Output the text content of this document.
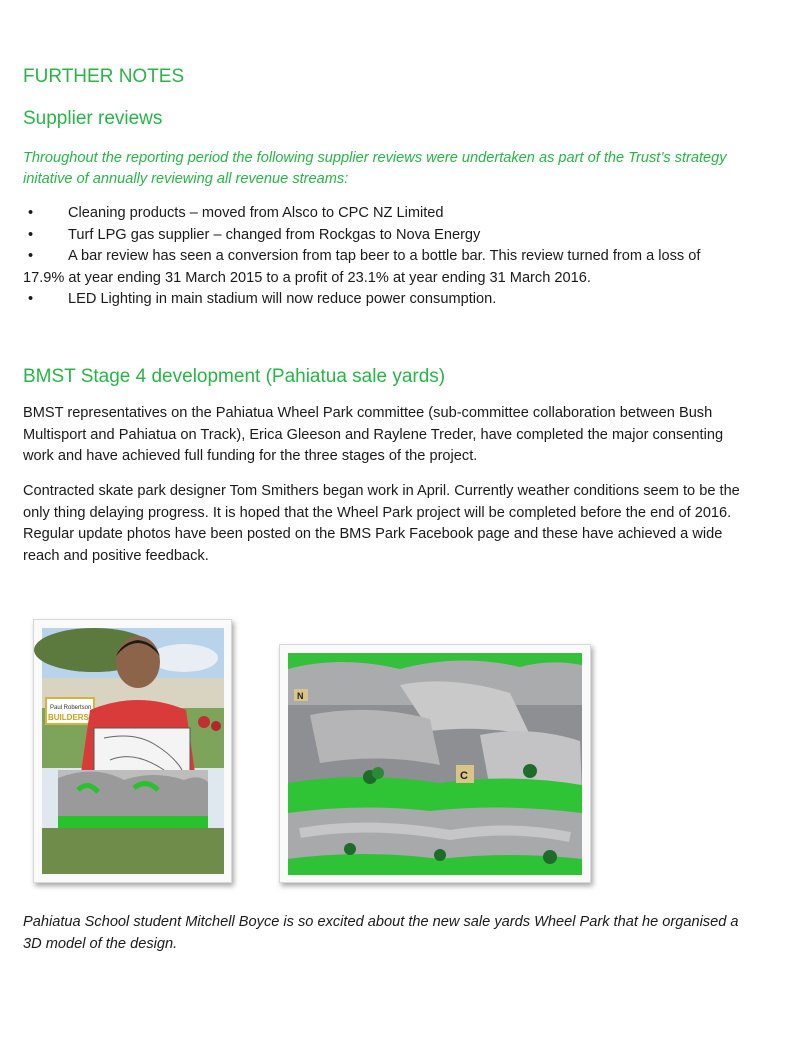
FURTHER NOTES
Supplier reviews
Throughout the reporting period the following supplier reviews were undertaken as part of the Trust’s strategy initative of annually reviewing all revenue streams:
• Cleaning products – moved from Alsco to CPC NZ Limited
• Turf LPG gas supplier – changed from Rockgas to Nova Energy
• A bar review has seen a conversion from tap beer to a bottle bar. This review turned from a loss of 17.9% at year ending 31 March 2015 to a profit of 23.1% at year ending 31 March 2016.
• LED Lighting in main stadium will now reduce power consumption.
BMST Stage 4 development (Pahiatua sale yards)
BMST representatives on the Pahiatua Wheel Park committee (sub-committee collaboration between Bush Multisport and Pahiatua on Track), Erica Gleeson and Raylene Treder, have completed the major consenting work and have achieved full funding for the three stages of the project.
Contracted skate park designer Tom Smithers began work in April. Currently weather conditions seem to be the only thing delaying progress. It is hoped that the Wheel Park project will be completed before the end of 2016. Regular update photos have been posted on the BMS Park Facebook page and these have achieved a wide reach and positive feedback.
Paul Robertson
BUILDERS
N
C
Pahiatua School student Mitchell Boyce is so excited about the new sale yards Wheel Park that he organised a 3D model of the design.
